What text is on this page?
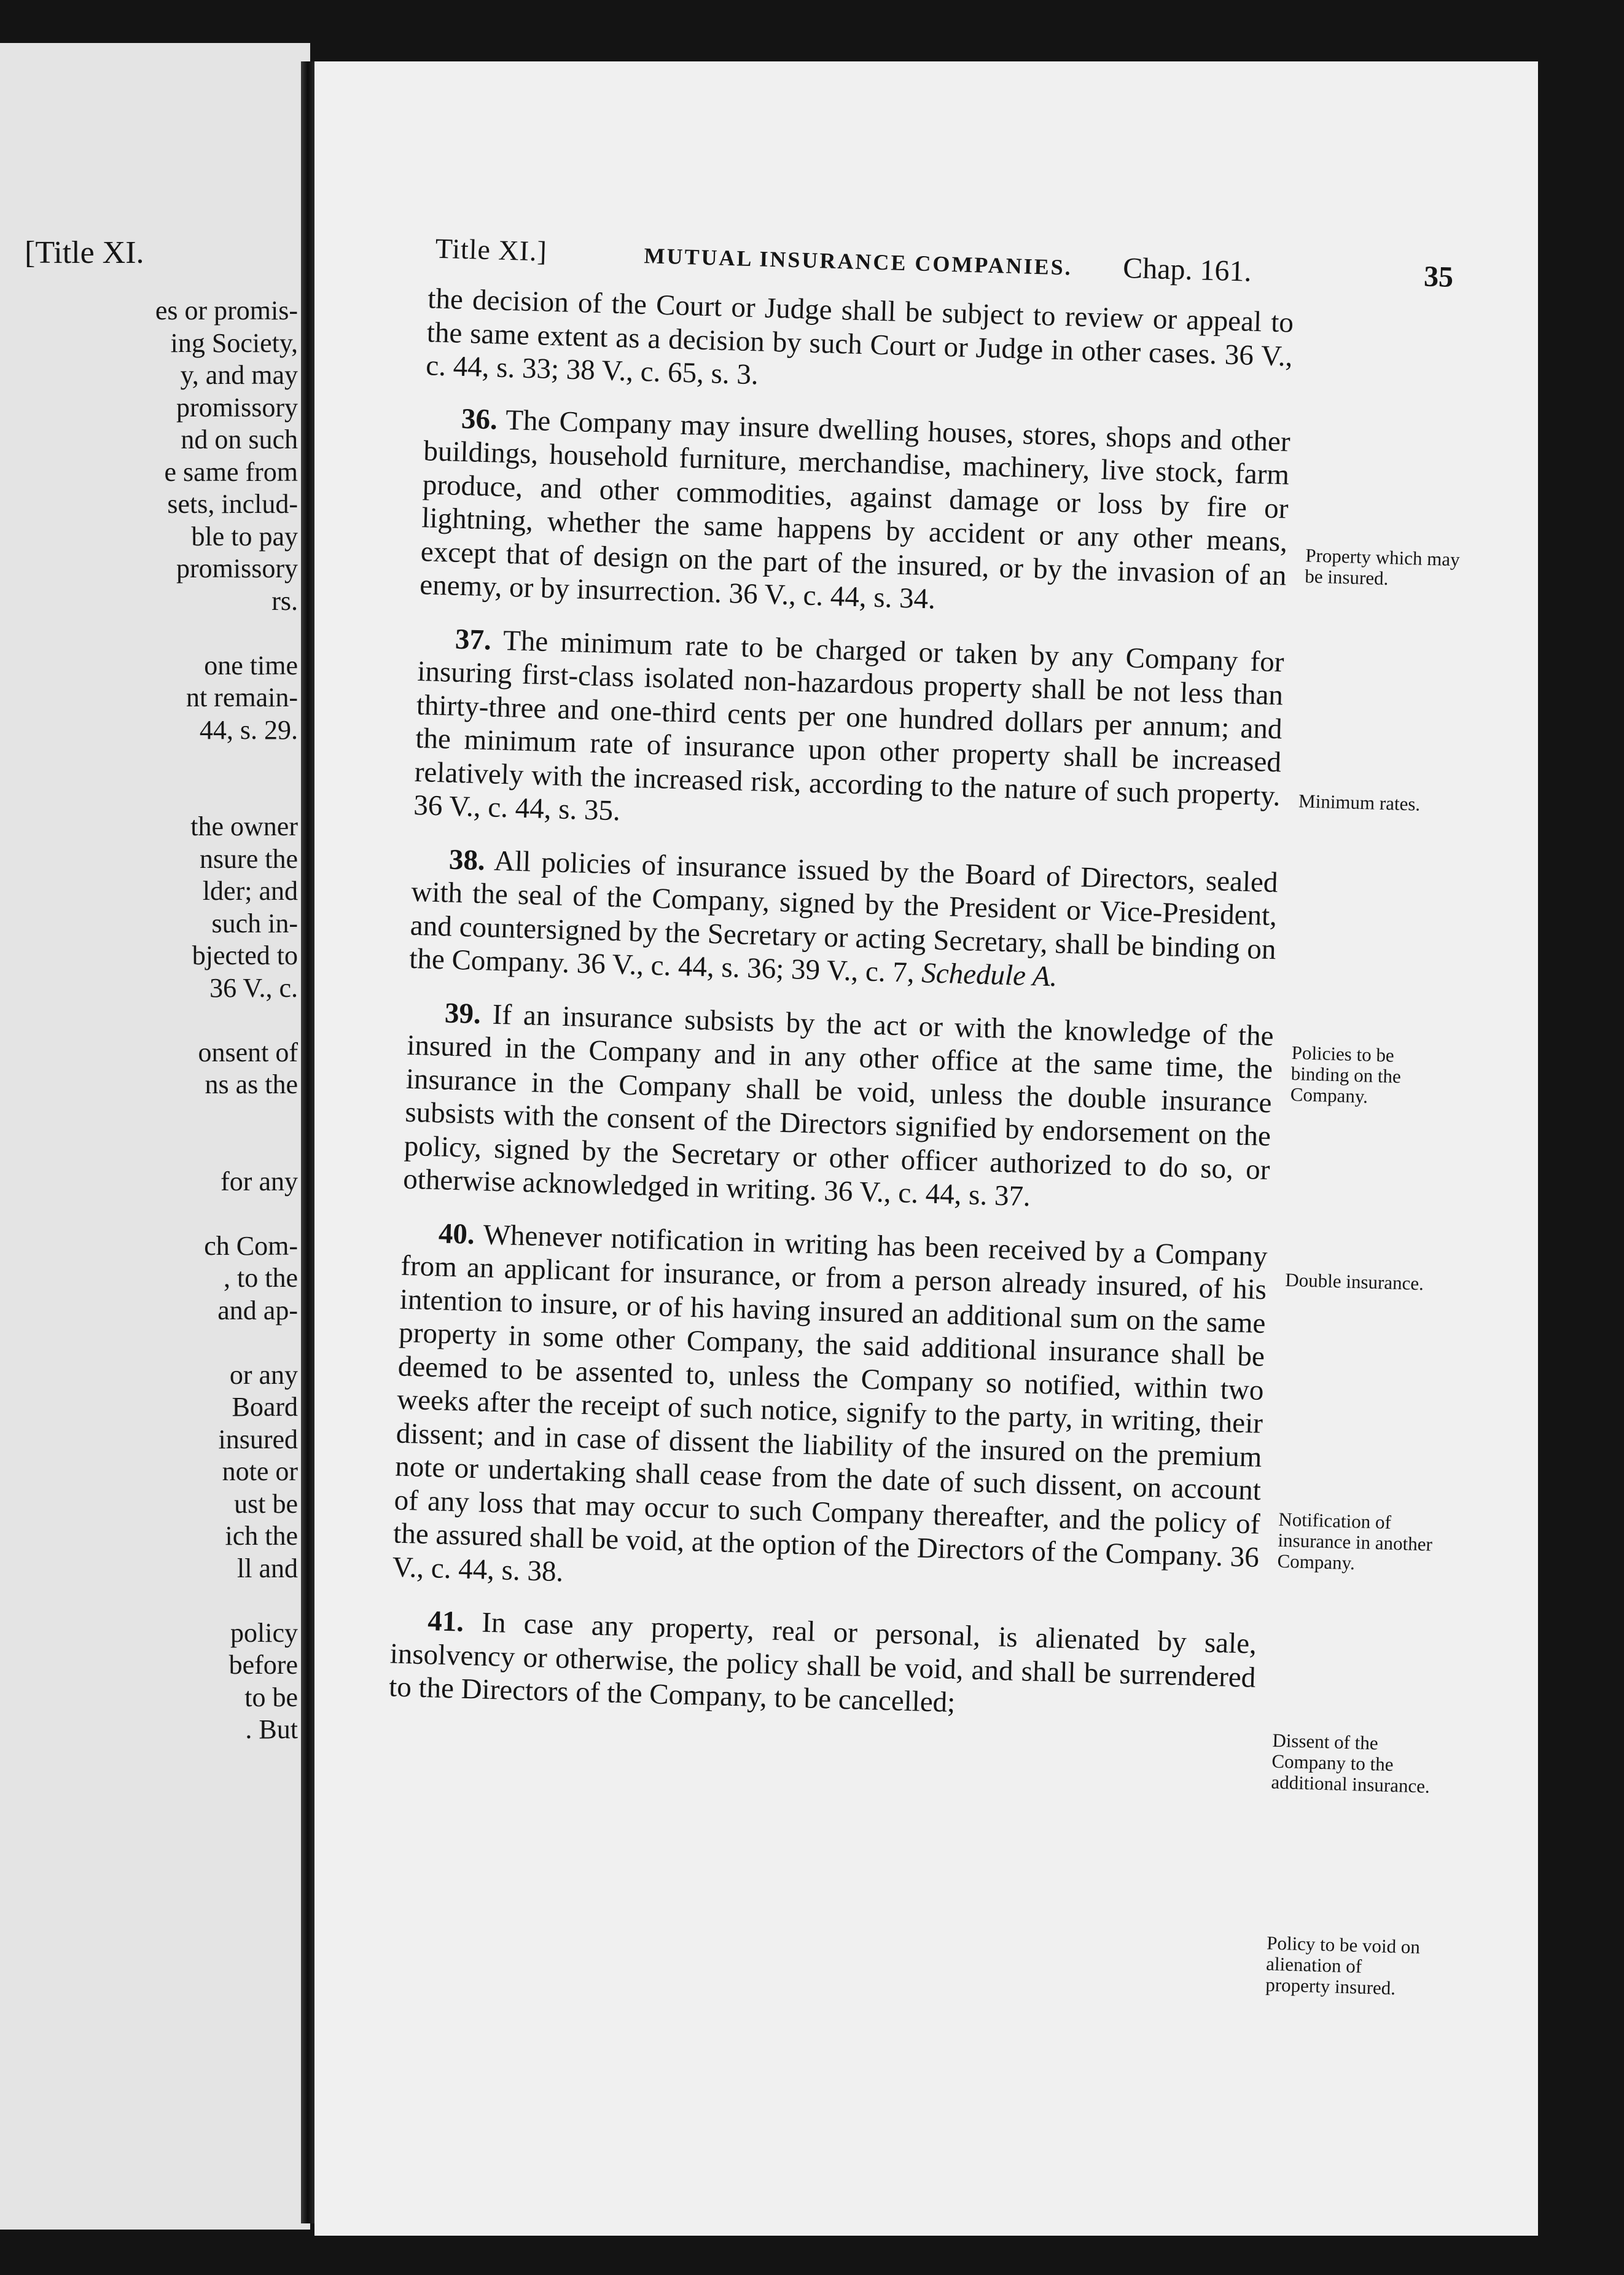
[Title XI.
es or promis-
ing Society,
y, and may
promissory
nd on such
e same from
sets, includ-
ble to pay
promissory
rs.
one time
nt remain-
44, s. 29.
the owner
nsure the
lder; and
such in-
bjected to
36 V., c.
onsent of
ns as the
for any
ch Com-
, to the
and ap-
or any
Board
insured
note or
ust be
ich the
ll and
policy
before
to be
. But
Title XI.]	MUTUAL INSURANCE COMPANIES. Chap. 161.	35

the decision of the Court or Judge shall be subject to review or appeal to the same extent as a decision by such Court or Judge in other cases. 36 V., c. 44, s. 33; 38 V., c. 65, s. 3.

36. The Company may insure dwelling houses, stores, shops and other buildings, household furniture, merchandise, machinery, live stock, farm produce, and other commodities, against damage or loss by fire or lightning, whether the same happens by accident or any other means, except that of design on the part of the insured, or by the invasion of an enemy, or by insurrection. 36 V., c. 44, s. 34.

37. The minimum rate to be charged or taken by any Company for insuring first-class isolated non-hazardous property shall be not less than thirty-three and one-third cents per one hundred dollars per annum; and the minimum rate of insurance upon other property shall be increased relatively with the increased risk, according to the nature of such property. 36 V., c. 44, s. 35.

38. All policies of insurance issued by the Board of Directors, sealed with the seal of the Company, signed by the President or Vice-President, and countersigned by the Secretary or acting Secretary, shall be binding on the Company. 36 V., c. 44, s. 36; 39 V., c. 7, Schedule A.

39. If an insurance subsists by the act or with the knowledge of the insured in the Company and in any other office at the same time, the insurance in the Company shall be void, unless the double insurance subsists with the consent of the Directors signified by endorsement on the policy, signed by the Secretary or other officer authorized to do so, or otherwise acknowledged in writing. 36 V., c. 44, s. 37.

40. Whenever notification in writing has been received by a Company from an applicant for insurance, or from a person already insured, of his intention to insure, or of his having insured an additional sum on the same property in some other Company, the said additional insurance shall be deemed to be assented to, unless the Company so notified, within two weeks after the receipt of such notice, signify to the party, in writing, their dissent; and in case of dissent the liability of the insured on the premium note or undertaking shall cease from the date of such dissent, on account of any loss that may occur to such Company thereafter, and the policy of the assured shall be void, at the option of the Directors of the Company. 36 V., c. 44, s. 38.

41. In case any property, real or personal, is alienated by sale, insolvency or otherwise, the policy shall be void, and shall be surrendered to the Directors of the Company, to be cancelled;

Property which may be insured.

Minimum rates.

Policies to be binding on the Company.

Double insurance.

Notification of insurance in another Company.

Dissent of the Company to the additional insurance.

Policy to be void on alienation of property insured.
